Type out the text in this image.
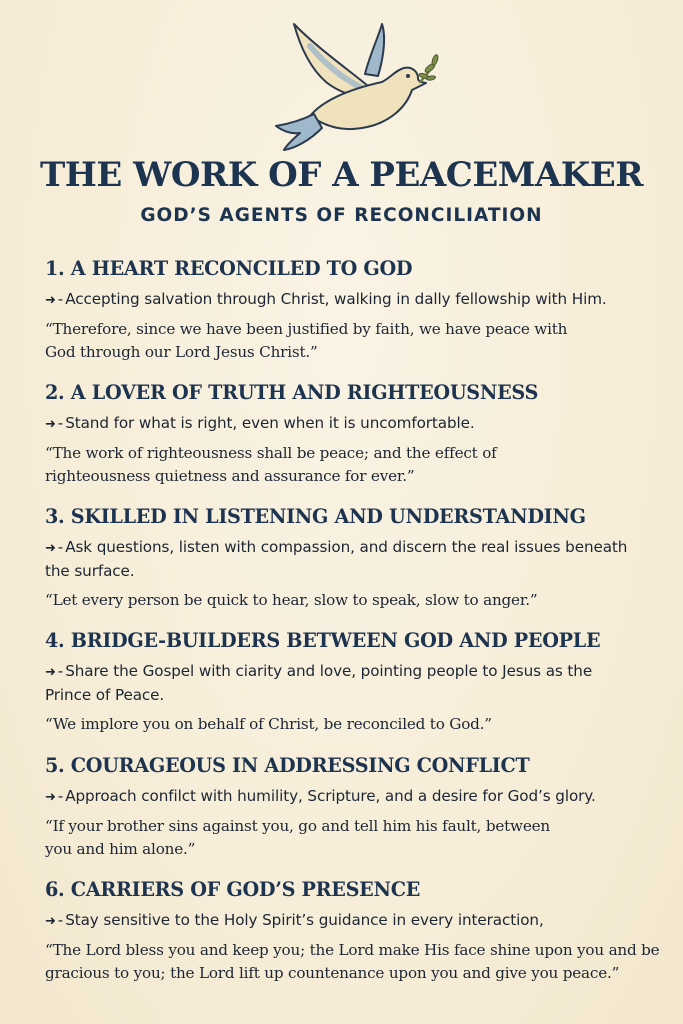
THE WORK OF A PEACEMAKER
GOD’S AGENTS OF RECONCILIATION
1. A HEART RECONCILED TO GOD

➜ - Accepting salvation through Christ, walking in dally fellowship with Him.

“Therefore, since we have been justified by faith, we have peace with God through our Lord Jesus Christ.”

2. A LOVER OF TRUTH AND RIGHTEOUSNESS

➜ - Stand for what is right, even when it is uncomfortable.

“The work of righteousness shall be peace; and the effect of righteousness quietness and assurance for ever.”

3. SKILLED IN LISTENING AND UNDERSTANDING

➜ - Ask questions, listen with compassion, and discern the real issues beneath the surface.

“Let every person be quick to hear, slow to speak, slow to anger.”

4. BRIDGE-BUILDERS BETWEEN GOD AND PEOPLE

➜ - Share the Gospel with ciarity and love, pointing people to Jesus as the Prince of Peace.

“We implore you on behalf of Christ, be reconciled to God.”

5. COURAGEOUS IN ADDRESSING CONFLICT

➜ - Approach confilct with humility, Scripture, and a desire for God’s glory.

“If your brother sins against you, go and tell him his fault, between you and him alone.”

6. CARRIERS OF GOD’S PRESENCE

➜ - Stay sensitive to the Holy Spirit’s guidance in every interaction,

“The Lord bless you and keep you; the Lord make His face shine upon you and be gracious to you; the Lord lift up countenance upon you and give you peace.”
